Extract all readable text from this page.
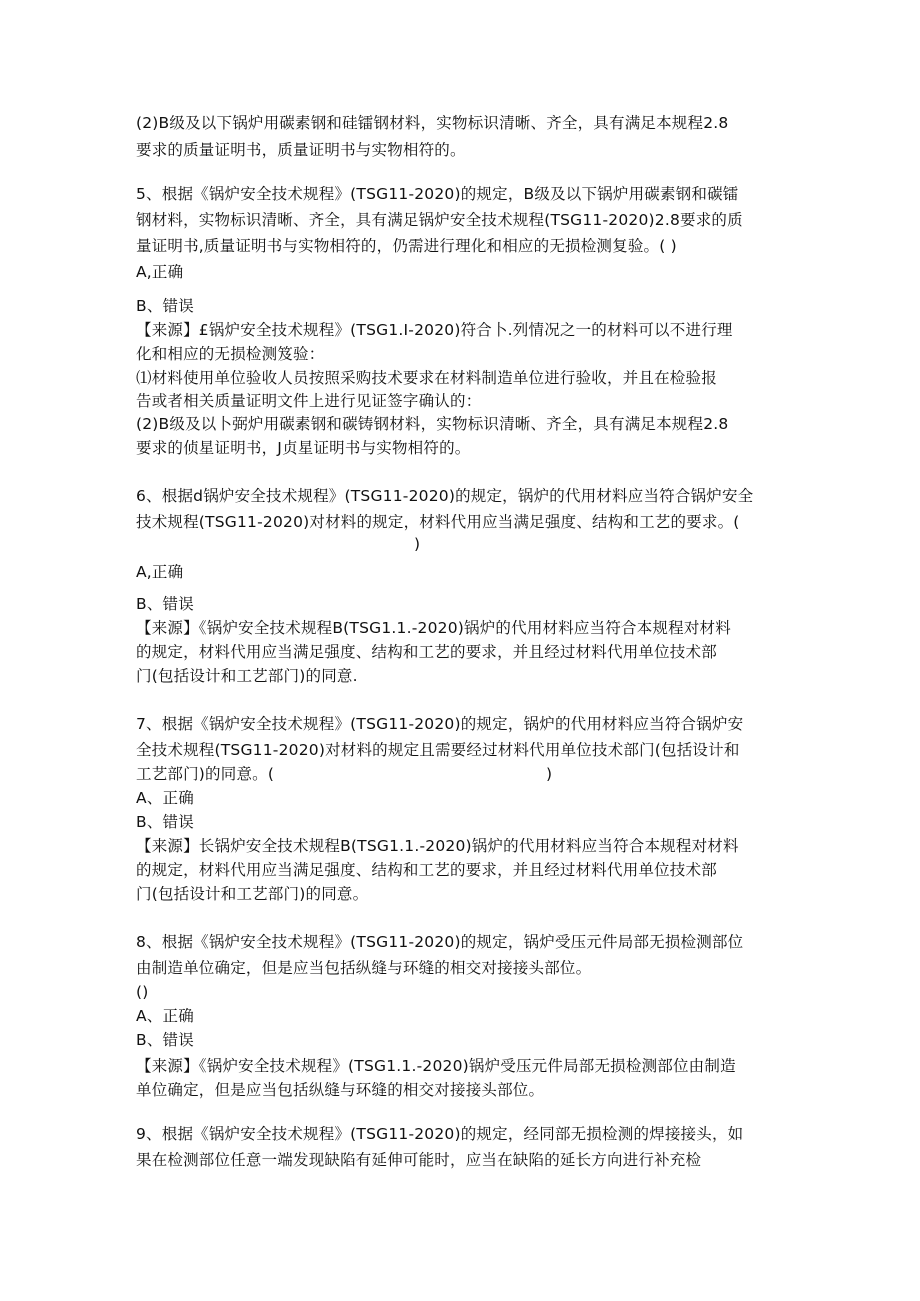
(2)B级及以下锅炉用碳素钢和硅镭钢材料，实物标识清晰、齐全，具有满足本规程2.8
要求的质量证明书，质量证明书与实物相符的。
5、根据《锅炉安全技术规程》(TSG11-2020)的规定，B级及以下锅炉用碳素钢和碳镭
钢材料，实物标识清晰、齐全，具有满足锅炉安全技术规程(TSG11-2020)2.8要求的质
量证明书,质量证明书与实物相符的，仍需进行理化和相应的无损检测复验。( )
A,正确
B、错误
【来源】£锅炉安全技术规程》(TSG1.I-2020)符合卜.列情况之一的材料可以不进行理
化和相应的无损检测笈验：
⑴材料使用单位验收人员按照采购技术要求在材料制造单位进行验收，并且在检验报
告或者相关质量证明文件上进行见证签字确认的：
(2)B级及以卜弼炉用碳素钢和碳铸钢材料，实物标识清晰、齐全，具有满足本规程2.8
要求的侦星证明书，J贞星证明书与实物相符的。
6、根据d锅炉安全技术规程》(TSG11-2020)的规定，锅炉的代用材料应当符合锅炉安全
技术规程(TSG11-2020)对材料的规定，材料代用应当满足强度、结构和工艺的要求。(
)
A,正确
B、错误
【来源】《锅炉安全技术规程B(TSG1.1.-2020)锅炉的代用材料应当符合本规程对材料
的规定，材料代用应当满足强度、结构和工艺的要求，并且经过材料代用单位技术部
门(包括设计和工艺部门)的同意.
7、根据《锅炉安全技术规程》(TSG11-2020)的规定，锅炉的代用材料应当符合锅炉安
全技术规程(TSG11-2020)对材料的规定且需要经过材料代用单位技术部门(包括设计和
工艺部门)的同意。(	)
A、正确
B、错误
【来源】长锅炉安全技术规程B(TSG1.1.-2020)锅炉的代用材料应当符合本规程对材料
的规定，材料代用应当满足强度、结构和工艺的要求，并且经过材料代用单位技术部
门(包括设计和工艺部门)的同意。
8、根据《锅炉安全技术规程》(TSG11-2020)的规定，锅炉受压元件局部无损检测部位
由制造单位确定，但是应当包括纵缝与环缝的相交对接接头部位。
()
A、正确
B、错误
【来源】《锅炉安全技术规程》(TSG1.1.-2020)锅炉受压元件局部无损检测部位由制造
单位确定，但是应当包括纵缝与环缝的相交对接接头部位。
9、根据《锅炉安全技术规程》(TSG11-2020)的规定，经同部无损检测的焊接接头，如
果在检测部位任意一端发现缺陷有延伸可能时，应当在缺陷的延长方向进行补充检
